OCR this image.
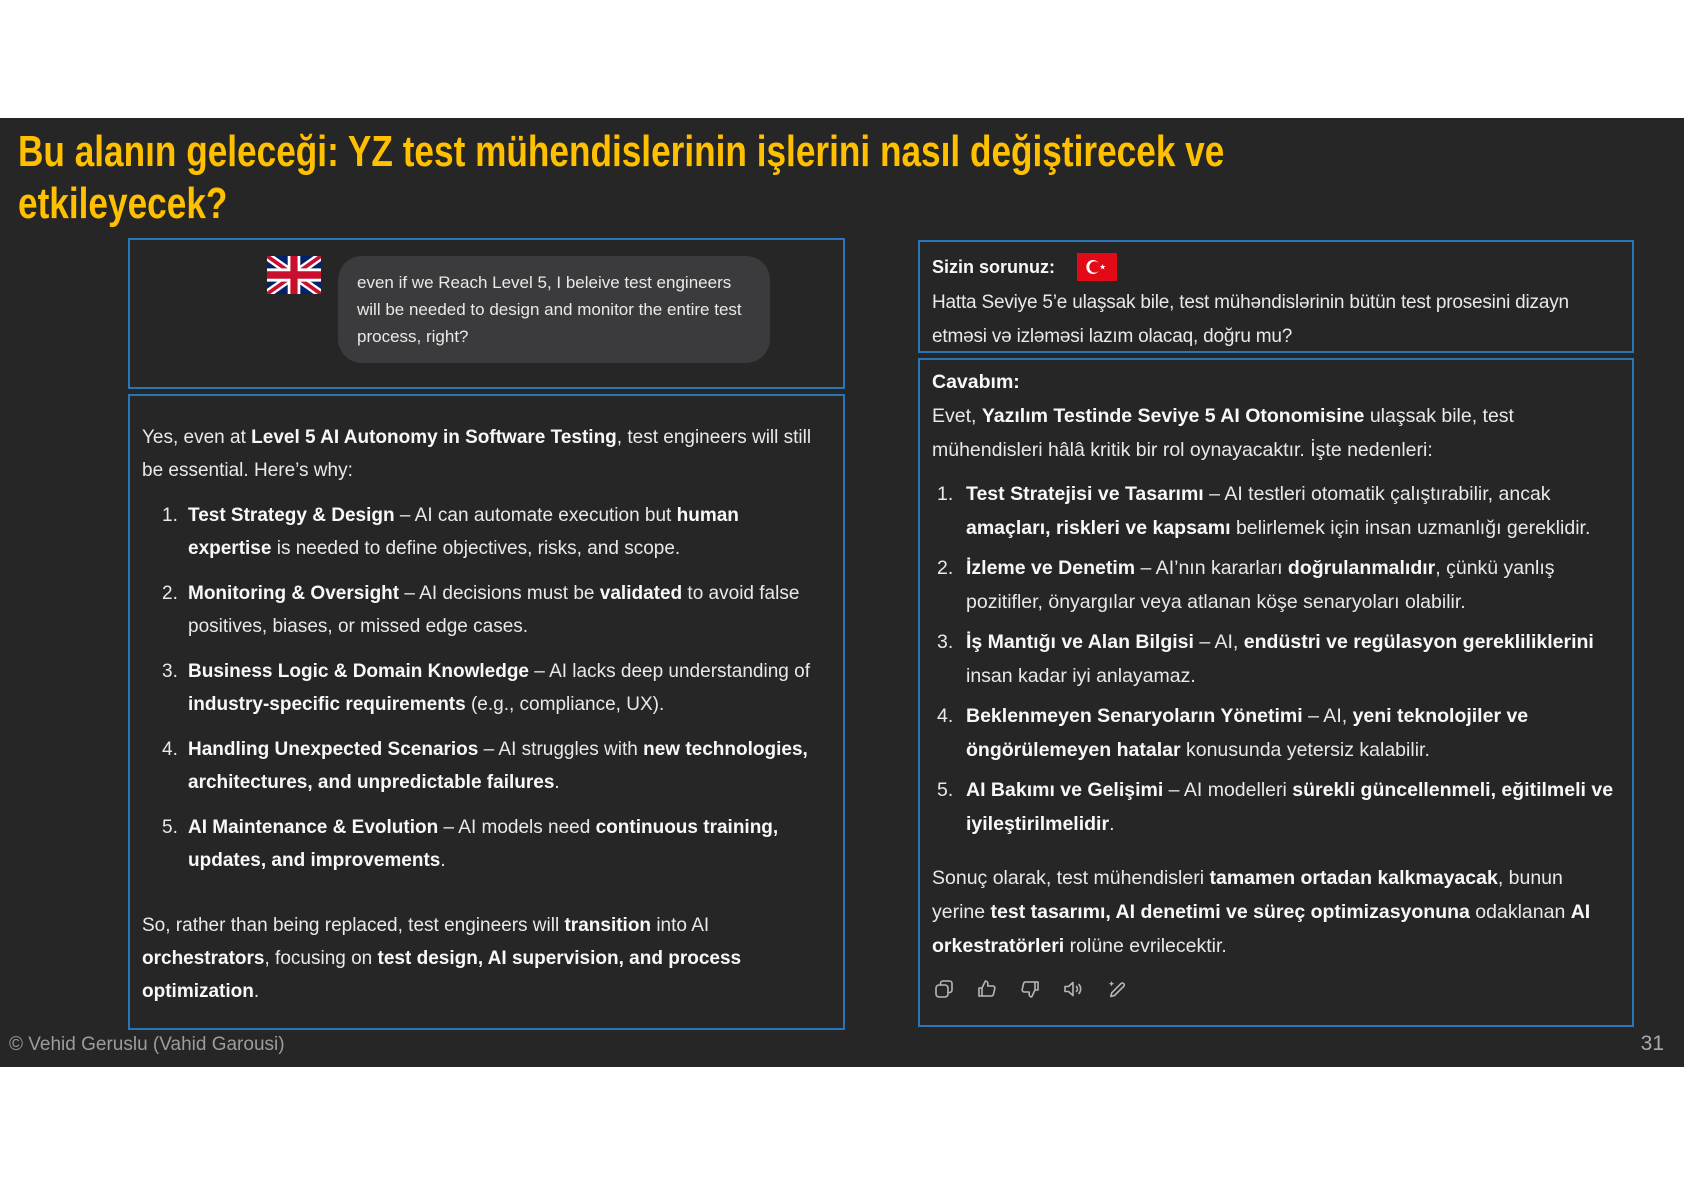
Bu alanın geleceği: YZ test mühendislerinin işlerini nasıl değiştirecek ve
etkileyecek?
even if we Reach Level 5, I beleive test engineers will be needed to design and monitor the entire test process, right?
Yes, even at Level 5 AI Autonomy in Software Testing, test engineers will still be essential. Here’s why:
1. Test Strategy & Design – AI can automate execution but human expertise is needed to define objectives, risks, and scope.
2. Monitoring & Oversight – AI decisions must be validated to avoid false positives, biases, or missed edge cases.
3. Business Logic & Domain Knowledge – AI lacks deep understanding of industry-specific requirements (e.g., compliance, UX).
4. Handling Unexpected Scenarios – AI struggles with new technologies, architectures, and unpredictable failures.
5. AI Maintenance & Evolution – AI models need continuous training, updates, and improvements.
So, rather than being replaced, test engineers will transition into AI orchestrators, focusing on test design, AI supervision, and process optimization.
Sizin sorunuz:

Hatta Seviye 5’e ulaşsak bile, test mühəndislərinin bütün test prosesini dizayn etməsi və izləməsi lazım olacaq, doğru mu?

Cavabım:
Evet, Yazılım Testinde Seviye 5 AI Otonomisine ulaşsak bile, test mühendisleri hâlâ kritik bir rol oynayacaktır. İşte nedenleri:
1. Test Stratejisi ve Tasarımı – AI testleri otomatik çalıştırabilir, ancak amaçları, riskleri ve kapsamı belirlemek için insan uzmanlığı gereklidir.
2. İzleme ve Denetim – AI’nın kararları doğrulanmalıdır, çünkü yanlış pozitifler, önyargılar veya atlanan köşe senaryoları olabilir.
3. İş Mantığı ve Alan Bilgisi – AI, endüstri ve regülasyon gerekliliklerini insan kadar iyi anlayamaz.
4. Beklenmeyen Senaryoların Yönetimi – AI, yeni teknolojiler ve öngörülemeyen hatalar konusunda yetersiz kalabilir.
5. AI Bakımı ve Gelişimi – AI modelleri sürekli güncellenmeli, eğitilmeli ve iyileştirilmelidir.
Sonuç olarak, test mühendisleri tamamen ortadan kalkmayacak, bunun yerine test tasarımı, AI denetimi ve süreç optimizasyonuna odaklanan AI orkestratörleri rolüne evrilecektir.
© Vehid Geruslu (Vahid Garousi)	31
